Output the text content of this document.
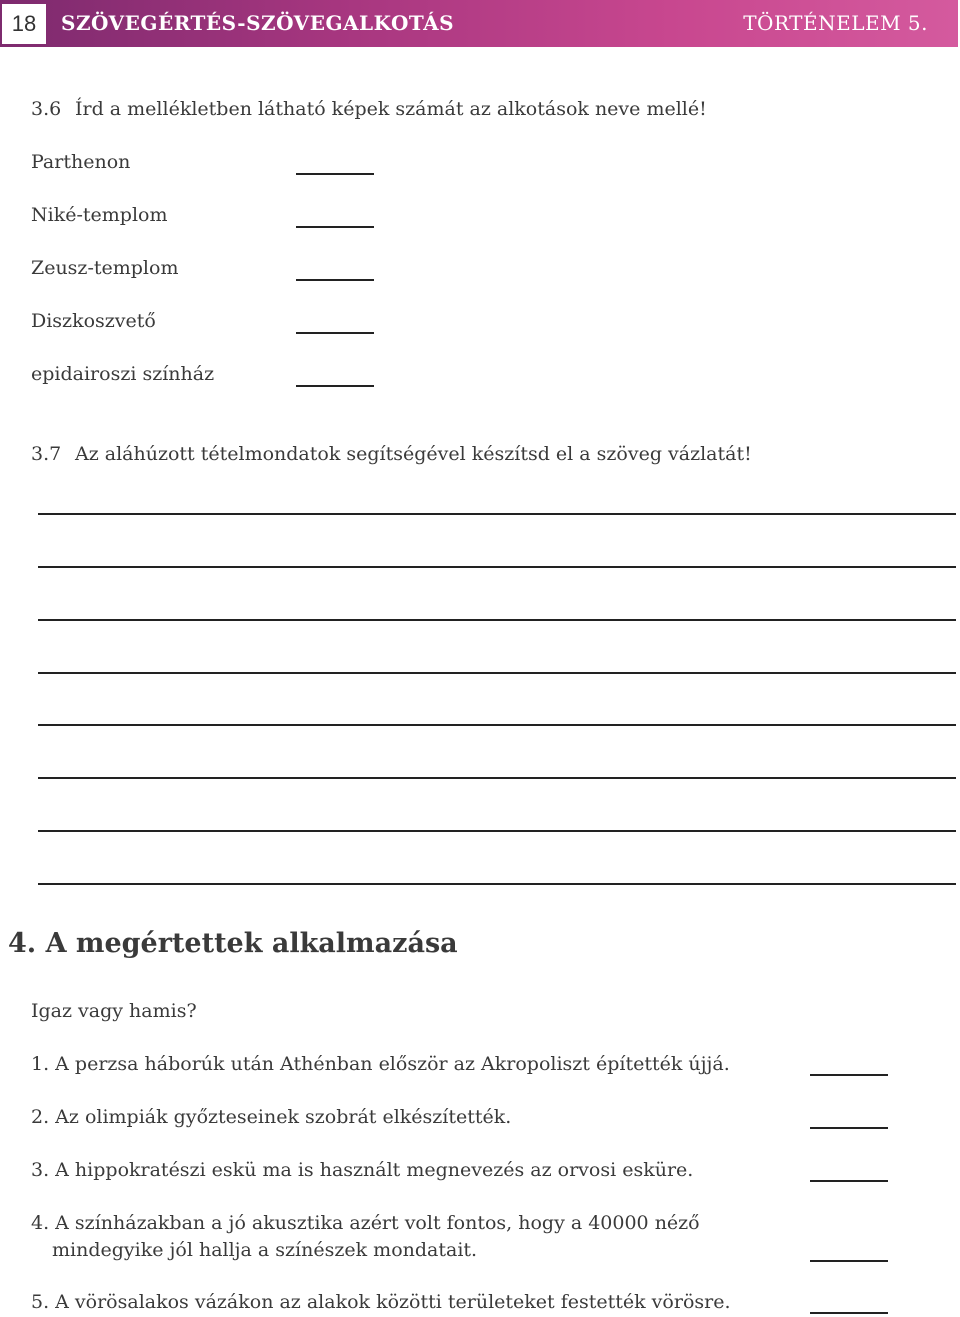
18	SZÖVEGÉRTÉS-SZÖVEGALKOTÁS	TÖRTÉNELEM 5.
3.6 Írd a mellékletben látható képek számát az alkotások neve mellé!
Parthenon
Niké-templom
Zeusz-templom
Diszkoszvető
epidairoszi színház
3.7 Az aláhúzott tételmondatok segítségével készítsd el a szöveg vázlatát!
4. A megértettek alkalmazása
Igaz vagy hamis?
1. A perzsa háborúk után Athénban először az Akropoliszt építették újjá.
2. Az olimpiák győzteseinek szobrát elkészítették.
3. A hippokratészi eskü ma is használt megnevezés az orvosi esküre.
4. A színházakban a jó akusztika azért volt fontos, hogy a 40000 néző
mindegyike jól hallja a színészek mondatait.
5. A vörösalakos vázákon az alakok közötti területeket festették vörösre.
